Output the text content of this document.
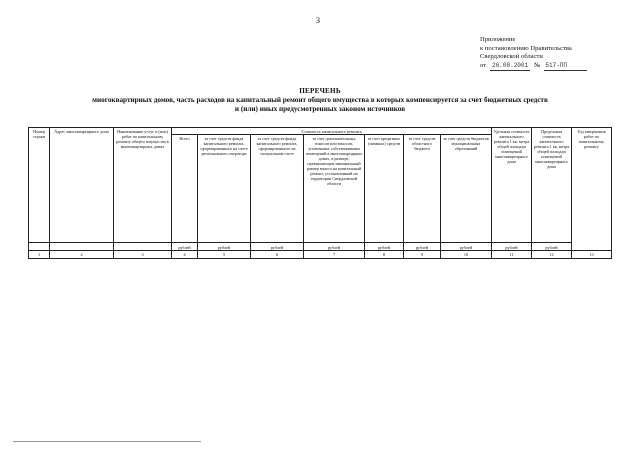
3
Приложение
к постановлению Правительства
Свердловской области
от	26.08.2001 № 517-ПП
ПЕРЕЧЕНЬ
многоквартирных домов, часть расходов на капитальный ремонт общего имущества в которых компенсируется за счет бюджетных средств
и (или) иных предусмотренных законом источников
Номер строки	Адрес многоквартирного дома	Наименование услуг и (или) работ по капитальному ремонту общего имущества в многоквартирных домах	Стоимость капитального ремонта							Удельная стоимость капитального ремонта 1 кв. метра общей площади помещений многоквартирного дома	Предельная стоимость капитального ремонта 1 кв. метра общей площади помещений многоквартирного дома	Год завершения работ по капитальному ремонту
			Всего	за счет средств фонда капитального ремонта, сформированного на счете регионального оператора	за счет средств фонда капитального ремонта, сформированного на специальном счете	за счет дополнительных взносов или взносов, уплаченных собственниками помещений в многоквартирных домах, в размере, превышающем минимальный размер взноса на капитальный ремонт, установленный на территории Свердловской области	за счет кредитных (заемных) средств	за счет средств областного бюджета	за счет средств бюджетов муниципальных образований			
			рублей	рублей	рублей	рублей	рублей	рублей	рублей	рублей	рублей	
1	2	3	4	5	6	7	8	9	10	11	12	13
